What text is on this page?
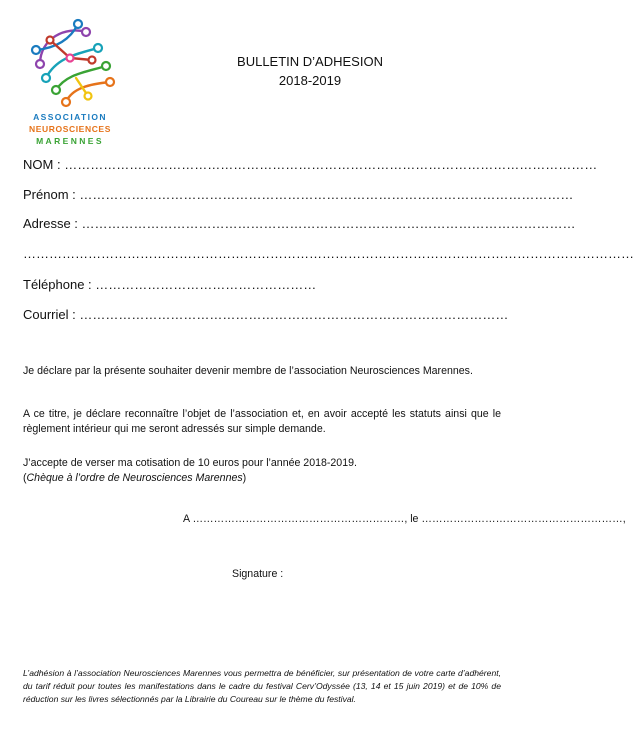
ASSOCIATION
NEUROSCIENCES
MARENNES
BULLETIN D’ADHESION
2018-2019
NOM : ……………………………………………………………………………………………………………
Prénom : ……………………………………………………………………………………………………
Adresse : ……………………………………………………………………………………………………
……………………………………………………………………………………………………………………………
Téléphone : ……………………………………………
Courriel : ………………………………………………………………………………………

Je déclare par la présente souhaiter devenir membre de l’association Neurosciences Marennes.

A ce titre, je déclare reconnaître l’objet de l’association et, en avoir accepté les statuts ainsi que le règlement intérieur qui me seront adressés sur simple demande.

J’accepte de verser ma cotisation de 10 euros pour l’année 2018-2019.
(Chèque à l’ordre de Neurosciences Marennes)
A ……………………………………………………, le …………………………………………………,
Signature :

L’adhésion à l’association Neurosciences Marennes vous permettra de bénéficier, sur présentation de votre carte d’adhérent, du tarif réduit pour toutes les manifestations dans le cadre du festival Cerv’Odyssée (13, 14 et 15 juin 2019) et de 10% de réduction sur les livres sélectionnés par la Librairie du Coureau sur le thème du festival.
